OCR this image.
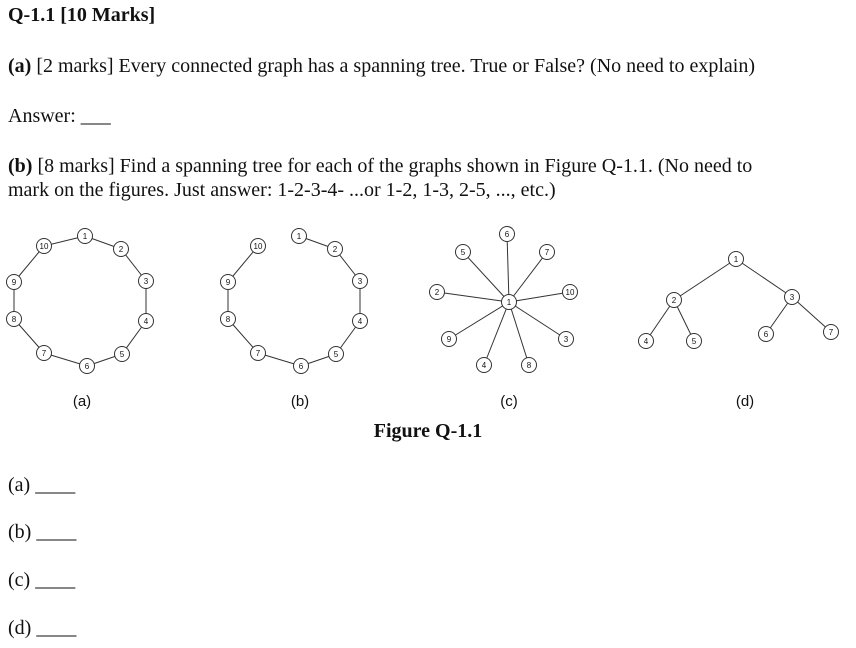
Q-1.1 [10 Marks]
(a) [2 marks] Every connected graph has a spanning tree. True or False? (No need to explain)
Answer: ___
(b) [8 marks] Find a spanning tree for each of the graphs shown in Figure Q-1.1. (No need to
mark on the figures. Just answer: 1-2-3-4- ...or 1-2, 1-3, 2-5, ..., etc.)
1
2
3
4
5
6
7
8
9
10
1
2
3
4
5
6
7
8
9
10
1
2
3
4
5
6
7
8
9
10
1
2	3
4	5
6	7
(a)	(b)	(c)	(d)
Figure Q-1.1
(a) ____
(b) ____
(c) ____
(d) ____
